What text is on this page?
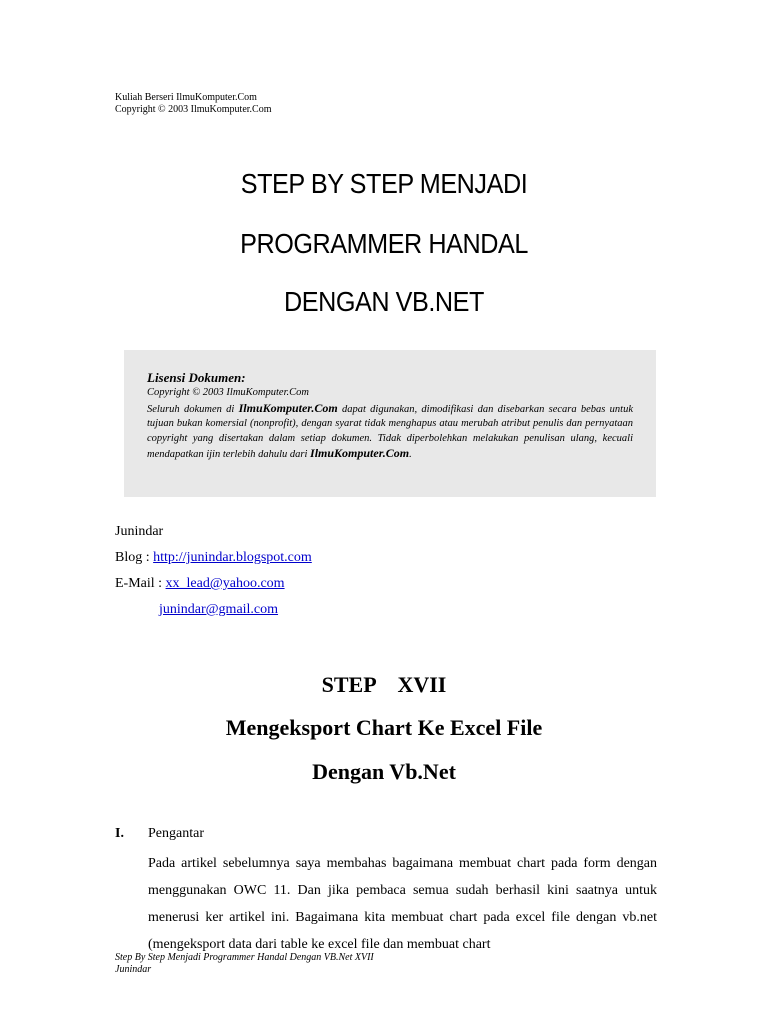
Kuliah Berseri IlmuKomputer.Com
Copyright © 2003 IlmuKomputer.Com
STEP BY STEP MENJADI
PROGRAMMER HANDAL
DENGAN VB.NET
Lisensi Dokumen:
Copyright © 2003 IlmuKomputer.Com
Seluruh dokumen di IlmuKomputer.Com dapat digunakan, dimodifikasi dan disebarkan secara bebas untuk tujuan bukan komersial (nonprofit), dengan syarat tidak menghapus atau merubah atribut penulis dan pernyataan copyright yang disertakan dalam setiap dokumen. Tidak diperbolehkan melakukan penulisan ulang, kecuali mendapatkan ijin terlebih dahulu dari IlmuKomputer.Com.
Junindar
Blog : http://junindar.blogspot.com
E-Mail : xx_lead@yahoo.com
junindar@gmail.com
STEP    XVII
Mengeksport Chart Ke Excel File
Dengan Vb.Net
I. Pengantar
Pada artikel sebelumnya saya membahas bagaimana membuat chart pada form dengan menggunakan OWC 11. Dan jika pembaca semua sudah berhasil kini saatnya untuk menerusi ker artikel ini. Bagaimana kita membuat chart pada excel file dengan vb.net (mengeksport data dari table ke excel file dan membuat chart
Step By Step Menjadi Programmer Handal Dengan VB.Net XVII
Junindar
